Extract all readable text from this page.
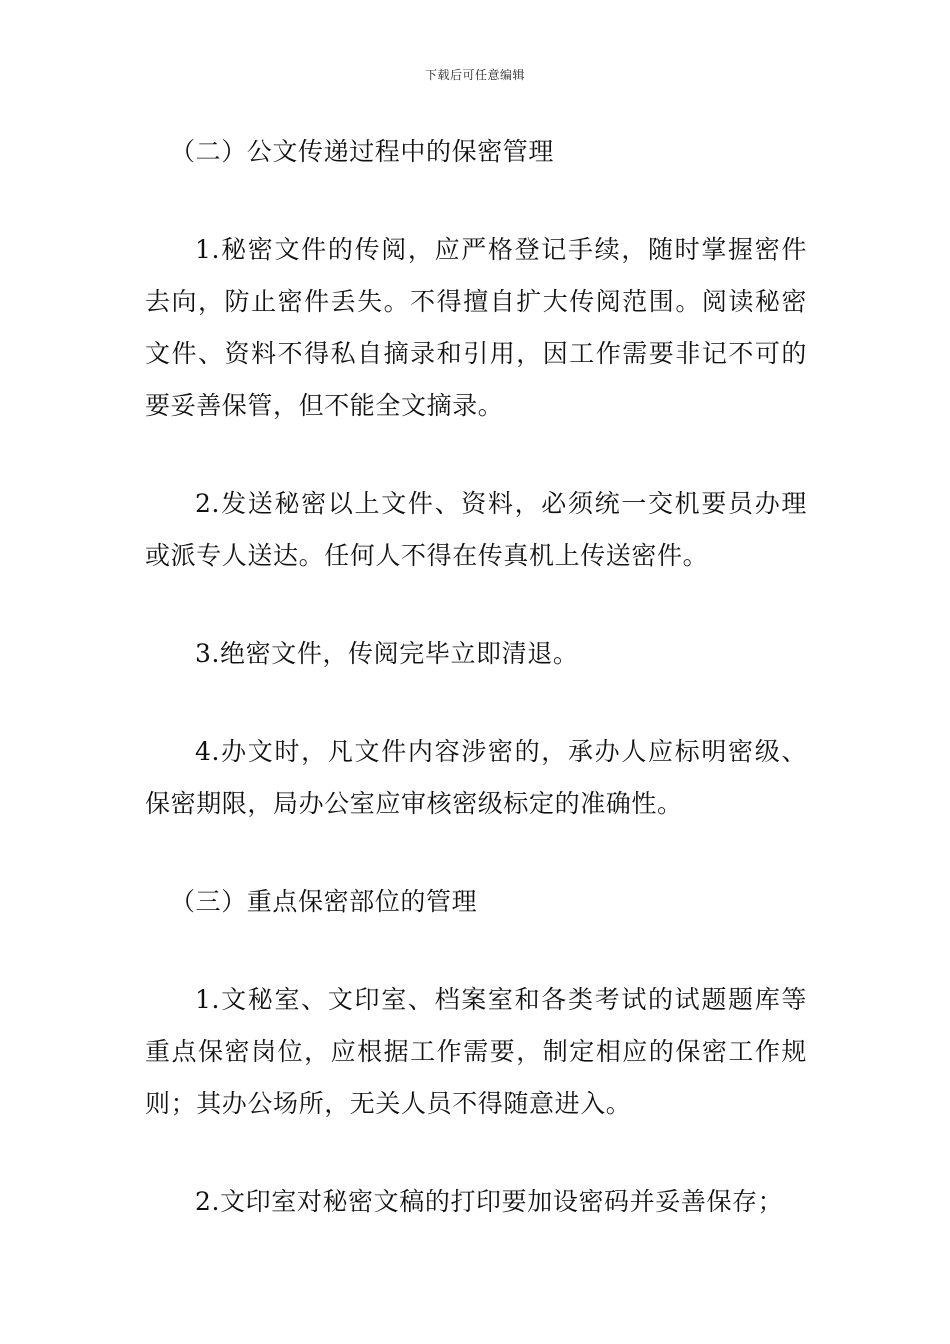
下载后可任意编辑

（二）公文传递过程中的保密管理

1.秘密文件的传阅，应严格登记手续，随时掌握密件去向，防止密件丢失。不得擅自扩大传阅范围。阅读秘密文件、资料不得私自摘录和引用，因工作需要非记不可的要妥善保管，但不能全文摘录。

2.发送秘密以上文件、资料，必须统一交机要员办理或派专人送达。任何人不得在传真机上传送密件。

3.绝密文件，传阅完毕立即清退。

4.办文时，凡文件内容涉密的，承办人应标明密级、保密期限，局办公室应审核密级标定的准确性。

（三）重点保密部位的管理

1.文秘室、文印室、档案室和各类考试的试题题库等重点保密岗位，应根据工作需要，制定相应的保密工作规则；其办公场所，无关人员不得随意进入。

2.文印室对秘密文稿的打印要加设密码并妥善保存；
